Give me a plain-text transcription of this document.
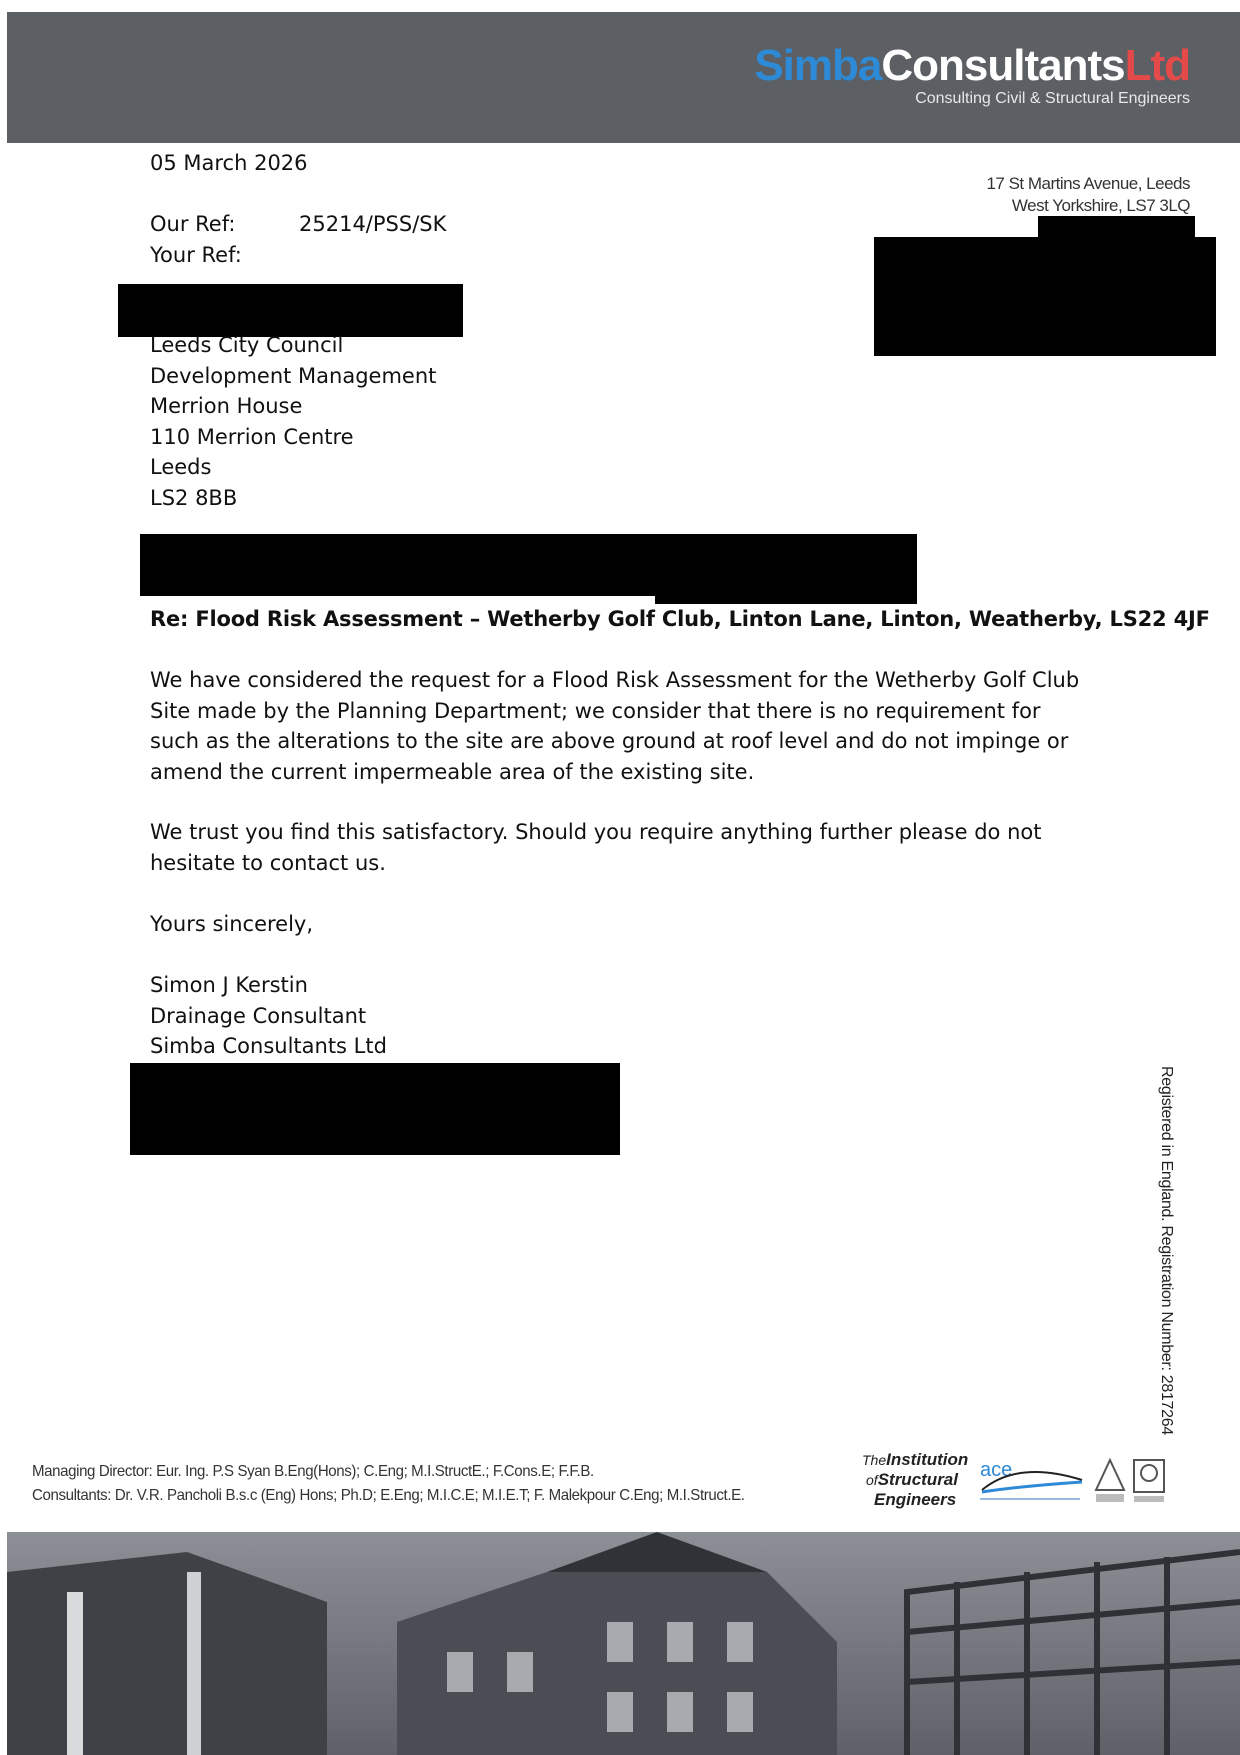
SimbaConsultantsLtd
Consulting Civil & Structural Engineers
05 March 2026
Our Ref:	25214/PSS/SK
Your Ref:
17 St Martins Avenue, Leeds
West Yorkshire, LS7 3LQ
Leeds City Council
Development Management
Merrion House
110 Merrion Centre
Leeds
LS2 8BB
Re: Flood Risk Assessment – Wetherby Golf Club, Linton Lane, Linton, Weatherby, LS22 4JF
We have considered the request for a Flood Risk Assessment for the Wetherby Golf Club Site made by the Planning Department; we consider that there is no requirement for such as the alterations to the site are above ground at roof level and do not impinge or amend the current impermeable area of the existing site.
We trust you find this satisfactory. Should you require anything further please do not hesitate to contact us.
Yours sincerely,
Simon J Kerstin
Drainage Consultant
Simba Consultants Ltd
Registered in England. Registration Number: 2817264
Managing Director: Eur. Ing. P.S Syan B.Eng(Hons); C.Eng; M.I.StructE.; F.Cons.E; F.F.B.
Consultants: Dr. V.R. Pancholi B.s.c (Eng) Hons; Ph.D; E.Eng; M.I.C.E; M.I.E.T; F. Malekpour C.Eng; M.I.Struct.E.
TheInstitution
ofStructural
Engineers
ace
